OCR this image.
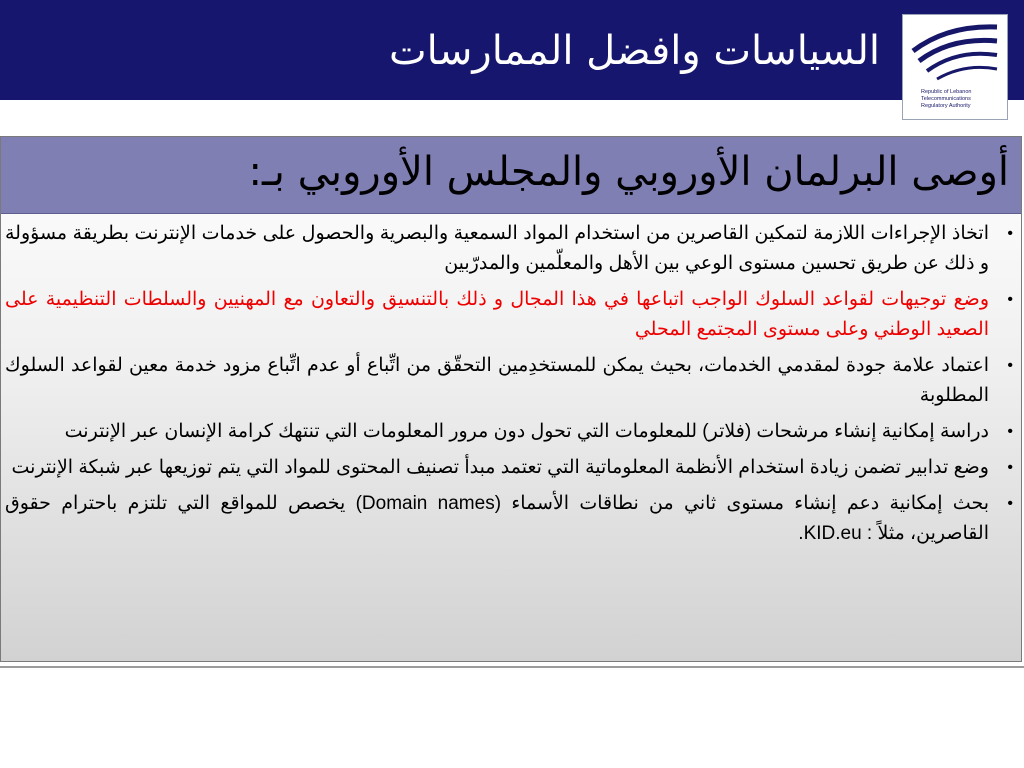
السياسات وافضل الممارسات
Republic of Lebanon
Telecommunications
Regulatory Authority
أوصى البرلمان الأوروبي والمجلس الأوروبي بـ:
•
اتخاذ الإجراءات اللازمة لتمكين القاصرين من استخدام المواد السمعية والبصرية والحصول على خدمات الإنترنت بطريقة مسؤولة و ذلك عن طريق تحسين مستوى الوعي بين الأهل والمعلّمين والمدرّبين
•
وضع توجيهات لقواعد السلوك الواجب اتباعها في هذا المجال و ذلك بالتنسيق والتعاون مع المهنيين والسلطات التنظيمية على الصعيد الوطني وعلى مستوى المجتمع المحلي
•
اعتماد علامة جودة لمقدمي الخدمات، بحيث يمكن للمستخدِمين التحقّق من اتِّباع أو عدم اتِّباع مزود خدمة معين لقواعد السلوك المطلوبة
•
دراسة إمكانية إنشاء مرشحات (فلاتر) للمعلومات التي تحول دون مرور المعلومات التي تنتهك كرامة الإنسان عبر الإنترنت
•
وضع تدابير تضمن زيادة استخدام الأنظمة المعلوماتية التي تعتمد مبدأ تصنيف المحتوى للمواد التي يتم توزيعها عبر شبكة الإنترنت
•
بحث إمكانية دعم إنشاء مستوى ثاني من نطاقات الأسماء (Domain names) يخصص للمواقع التي تلتزم باحترام حقوق القاصرين، مثلاً : KID.eu.
